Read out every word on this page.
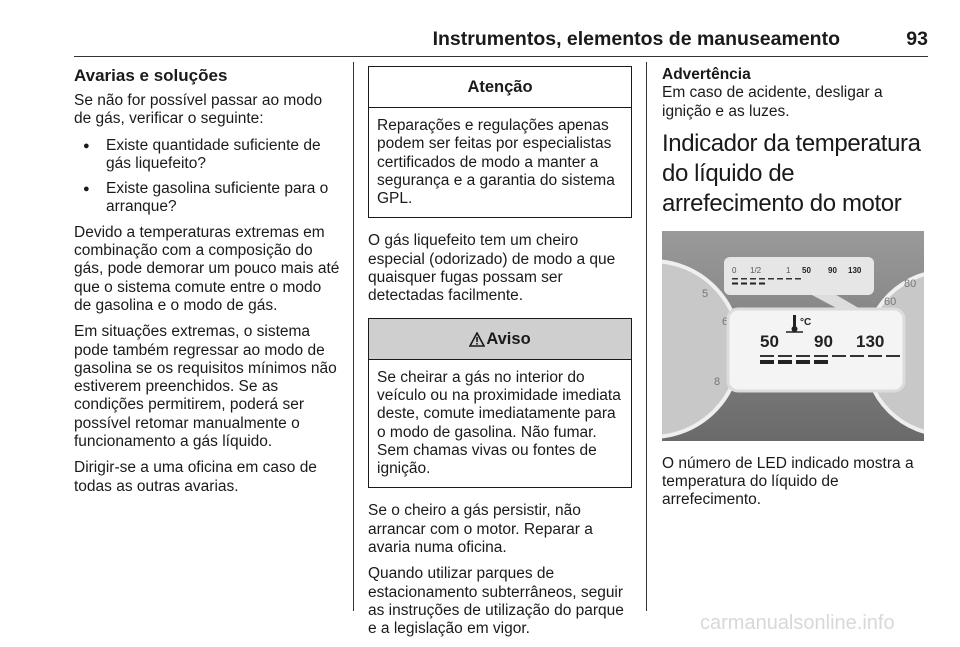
Instrumentos, elementos de manuseamento	93
Avarias e soluções

Se não for possível passar ao modo de gás, verificar o seguinte:

● Existe quantidade suficiente de gás liquefeito?
● Existe gasolina suficiente para o arranque?

Devido a temperaturas extremas em combinação com a composição do gás, pode demorar um pouco mais até que o sistema comute entre o modo de gasolina e o modo de gás.

Em situações extremas, o sistema pode também regressar ao modo de gasolina se os requisitos mínimos não estiverem preenchidos. Se as condições permitirem, poderá ser possível retomar manualmente o funcionamento a gás líquido.

Dirigir-se a uma oficina em caso de todas as outras avarias.

Atenção
Reparações e regulações apenas podem ser feitas por especialistas certificados de modo a manter a segurança e a garantia do sistema GPL.

O gás liquefeito tem um cheiro especial (odorizado) de modo a que quaisquer fugas possam ser detectadas facilmente.

Aviso
Se cheirar a gás no interior do veículo ou na proximidade imediata deste, comute imediatamente para o modo de gasolina. Não fumar. Sem chamas vivas ou fontes de ignição.

Se o cheiro a gás persistir, não arrancar com o motor. Reparar a avaria numa oficina.

Quando utilizar parques de estacionamento subterrâneos, seguir as instruções de utilização do parque e a legislação em vigor.

Advertência

Em caso de acidente, desligar a ignição e as luzes.

Indicador da temperatura do líquido de arrefecimento do motor
5
6
8
60
80
0 1/2	1 50 90 130
°C
50 90 130

O número de LED indicado mostra a temperatura do líquido de arrefecimento.

carmanualsonline.info
